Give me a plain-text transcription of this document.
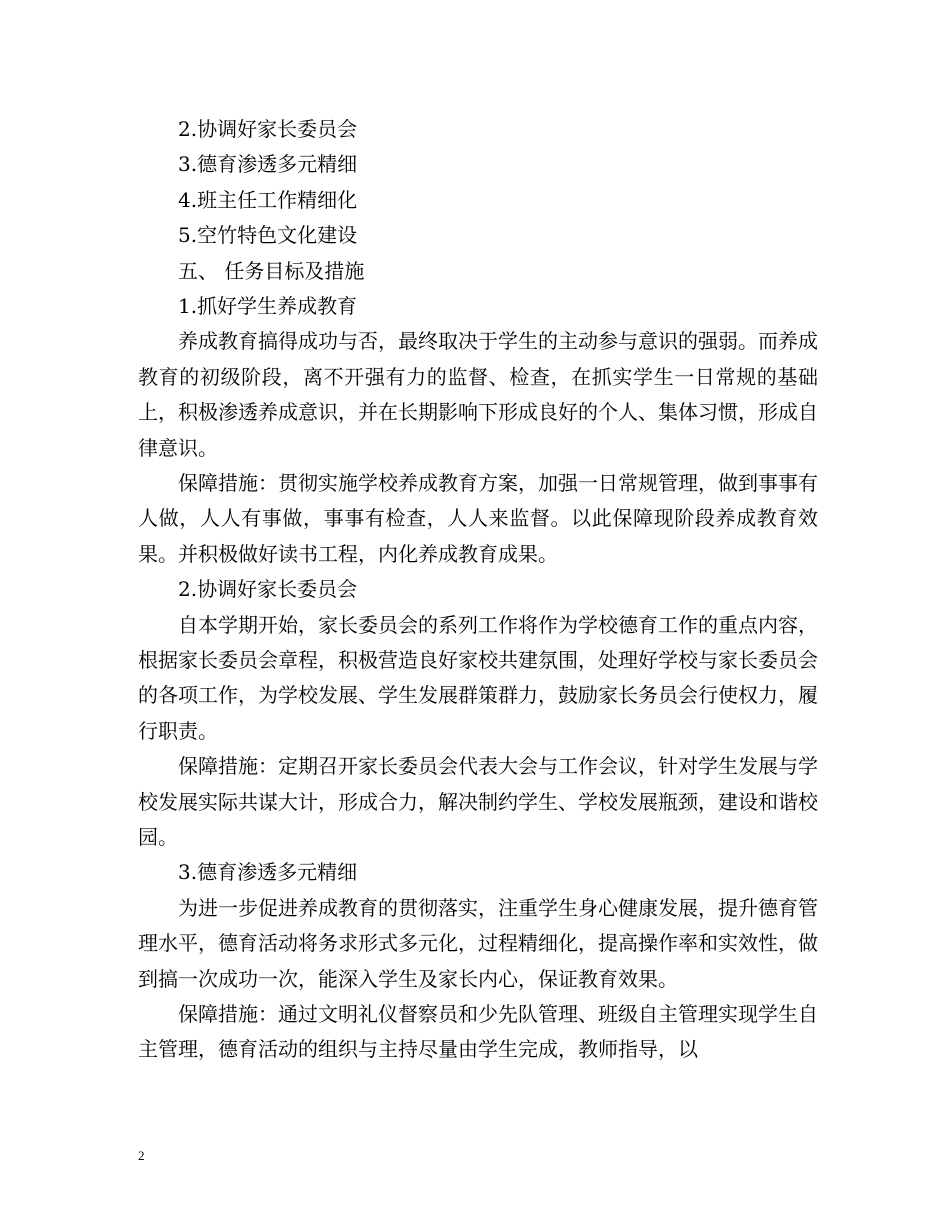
2.协调好家长委员会
3.德育渗透多元精细
4.班主任工作精细化
5.空竹特色文化建设
五、 任务目标及措施
1.抓好学生养成教育
养成教育搞得成功与否，最终取决于学生的主动参与意识的强弱。而养成教育的初级阶段，离不开强有力的监督、检查，在抓实学生一日常规的基础上，积极渗透养成意识，并在长期影响下形成良好的个人、集体习惯，形成自律意识。
保障措施：贯彻实施学校养成教育方案，加强一日常规管理，做到事事有人做，人人有事做，事事有检查，人人来监督。以此保障现阶段养成教育效果。并积极做好读书工程，内化养成教育成果。
2.协调好家长委员会
自本学期开始，家长委员会的系列工作将作为学校德育工作的重点内容，根据家长委员会章程，积极营造良好家校共建氛围，处理好学校与家长委员会的各项工作，为学校发展、学生发展群策群力，鼓励家长务员会行使权力，履行职责。
保障措施：定期召开家长委员会代表大会与工作会议，针对学生发展与学校发展实际共谋大计，形成合力，解决制约学生、学校发展瓶颈，建设和谐校园。
3.德育渗透多元精细
为进一步促进养成教育的贯彻落实，注重学生身心健康发展，提升德育管理水平，德育活动将务求形式多元化，过程精细化，提高操作率和实效性，做到搞一次成功一次，能深入学生及家长内心，保证教育效果。
保障措施：通过文明礼仪督察员和少先队管理、班级自主管理实现学生自主管理，德育活动的组织与主持尽量由学生完成，教师指导，以
2
